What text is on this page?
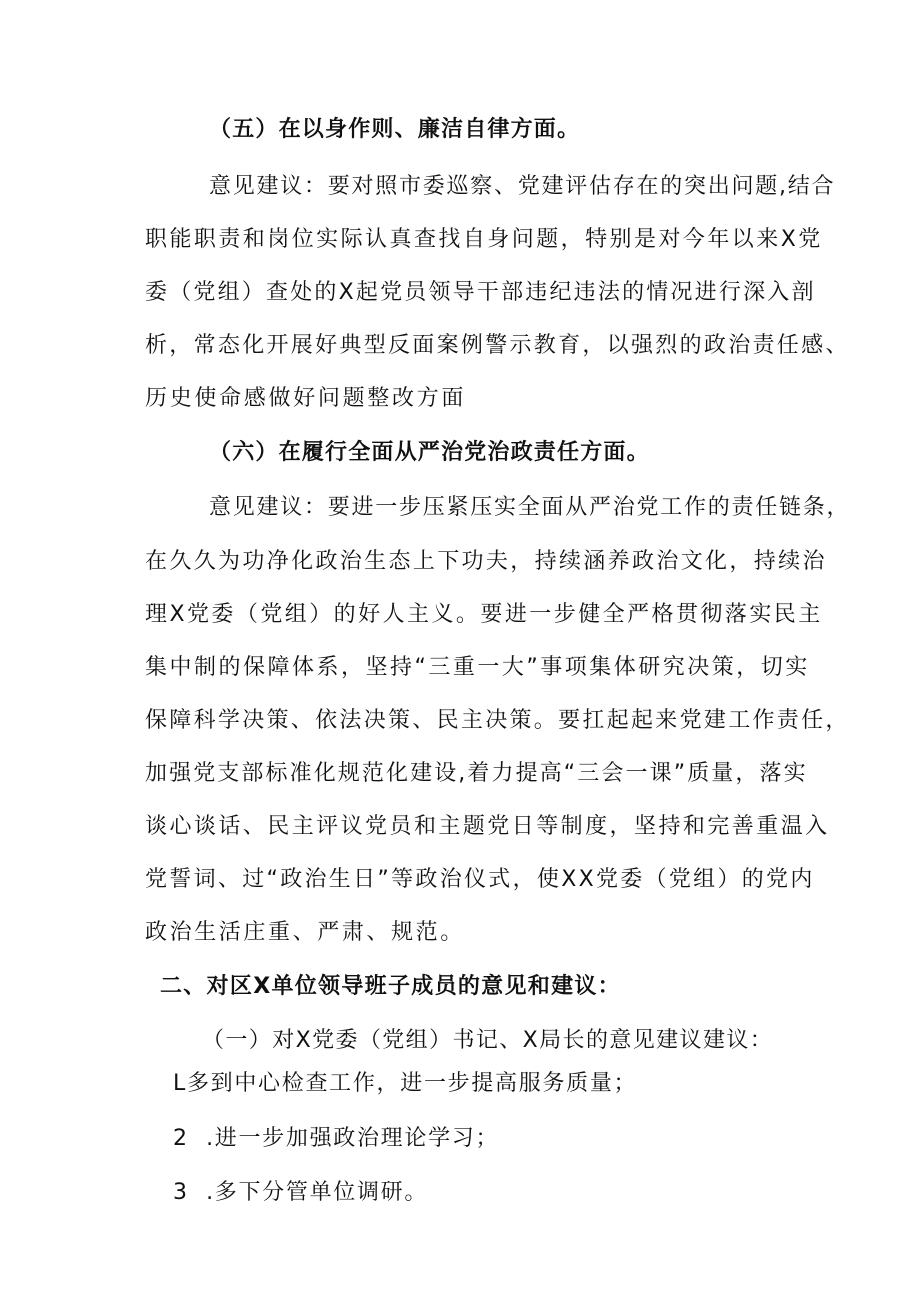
（五）在以身作则、廉洁自律方面。
意见建议：要对照市委巡察、党建评估存在的突出问题,结合
职能职责和岗位实际认真查找自身问题，特别是对今年以来X党
委（党组）查处的X起党员领导干部违纪违法的情况进行深入剖
析，常态化开展好典型反面案例警示教育，以强烈的政治责任感、
历史使命感做好问题整改方面
（六）在履行全面从严治党治政责任方面。
意见建议：要进一步压紧压实全面从严治党工作的责任链条，
在久久为功净化政治生态上下功夫，持续涵养政治文化，持续治
理X党委（党组）的好人主义。要进一步健全严格贯彻落实民主
集中制的保障体系，坚持“三重一大”事项集体研究决策，切实
保障科学决策、依法决策、民主决策。要扛起起来党建工作责任，
加强党支部标准化规范化建设,着力提高“三会一课”质量，落实
谈心谈话、民主评议党员和主题党日等制度，坚持和完善重温入
党誓词、过“政治生日”等政治仪式，使XX党委（党组）的党内
政治生活庄重、严肃、规范。
二、对区X单位领导班子成员的意见和建议：
（一）对X党委（党组）书记、X局长的意见建议建议：
L多到中心检查工作，进一步提高服务质量；
2  .进一步加强政治理论学习；
3  .多下分管单位调研。
